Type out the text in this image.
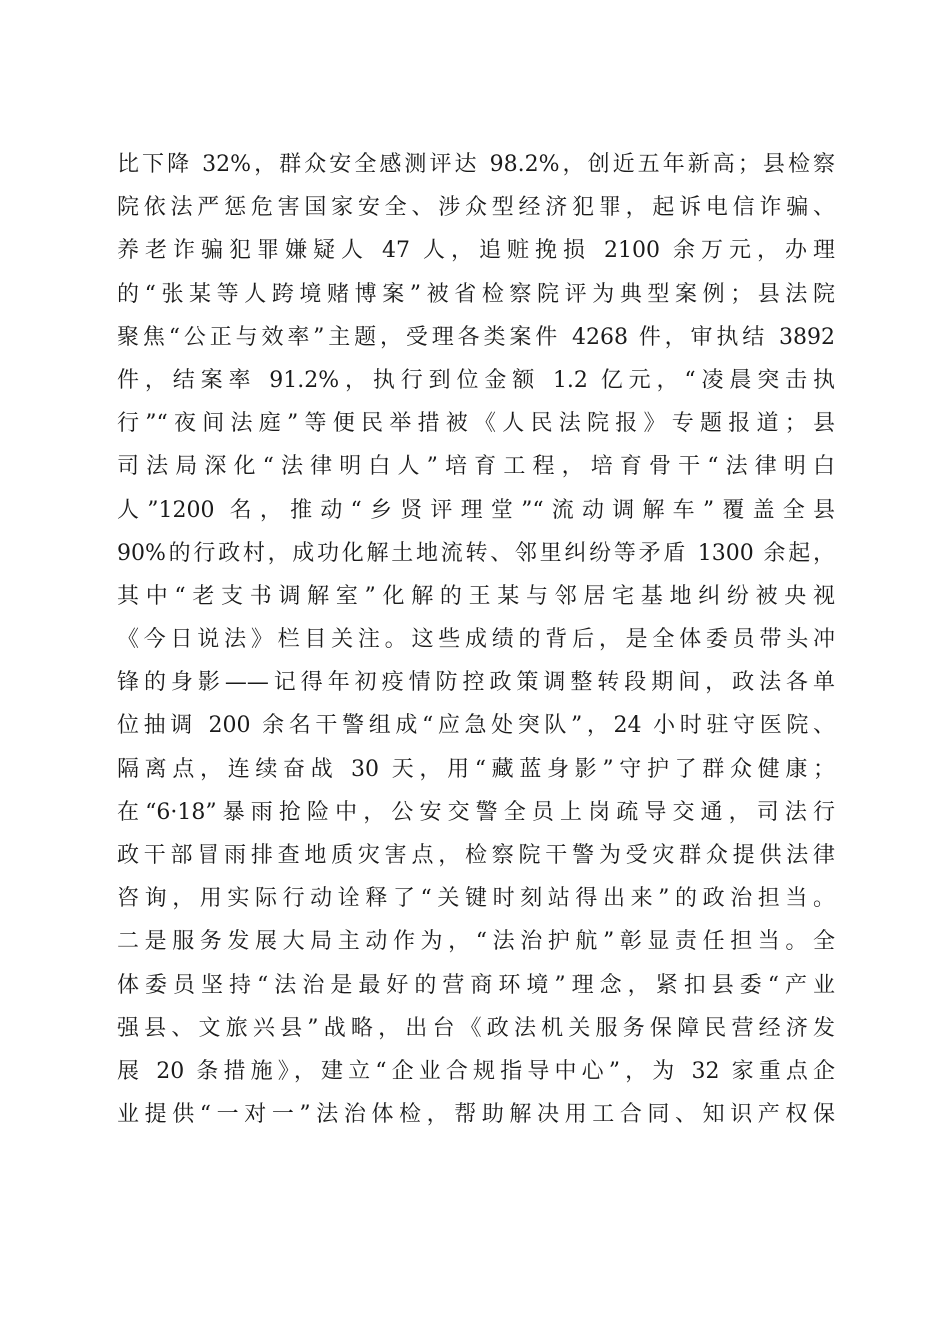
比下降 32%，群众安全感测评达 98.2%，创近五年新高；县检察
院依法严惩危害国家安全、涉众型经济犯罪，起诉电信诈骗、
养老诈骗犯罪嫌疑人 47 人，追赃挽损 2100 余万元，办理
的“张某等人跨境赌博案”被省检察院评为典型案例；县法院
聚焦“公正与效率”主题，受理各类案件 4268 件，审执结 3892
件，结案率 91.2%，执行到位金额 1.2 亿元，“凌晨突击执
行”“夜间法庭”等便民举措被《人民法院报》专题报道；县
司法局深化“法律明白人”培育工程，培育骨干“法律明白
人”1200 名，推动“乡贤评理堂”“流动调解车”覆盖全县
90%的行政村，成功化解土地流转、邻里纠纷等矛盾 1300 余起，
其中“老支书调解室”化解的王某与邻居宅基地纠纷被央视
《今日说法》栏目关注。这些成绩的背后，是全体委员带头冲
锋的身影——记得年初疫情防控政策调整转段期间，政法各单
位抽调 200 余名干警组成“应急处突队”，24 小时驻守医院、
隔离点，连续奋战 30 天，用“藏蓝身影”守护了群众健康；
在“6·18”暴雨抢险中，公安交警全员上岗疏导交通，司法行
政干部冒雨排查地质灾害点，检察院干警为受灾群众提供法律
咨询，用实际行动诠释了“关键时刻站得出来”的政治担当。
二是服务发展大局主动作为，“法治护航”彰显责任担当。全
体委员坚持“法治是最好的营商环境”理念，紧扣县委“产业
强县、文旅兴县”战略，出台《政法机关服务保障民营经济发
展 20 条措施》，建立“企业合规指导中心”，为 32 家重点企
业提供“一对一”法治体检，帮助解决用工合同、知识产权保
